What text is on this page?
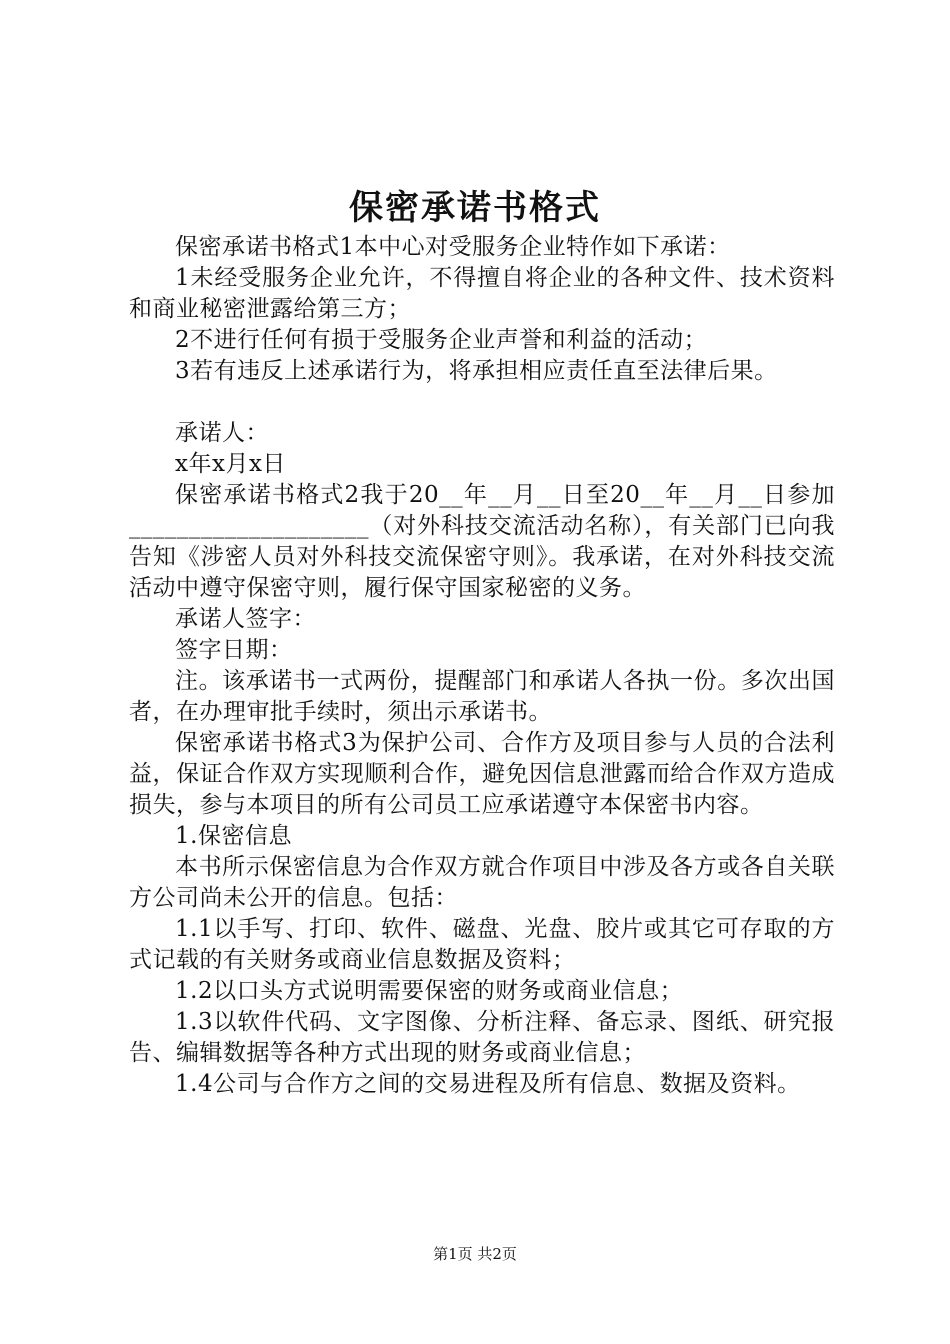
保密承诺书格式

保密承诺书格式1本中心对受服务企业特作如下承诺：

1未经受服务企业允许，不得擅自将企业的各种文件、技术资料和商业秘密泄露给第三方；

2不进行任何有损于受服务企业声誉和利益的活动；

3若有违反上述承诺行为，将承担相应责任直至法律后果。

承诺人：

x年x月x日

保密承诺书格式2我于20__年__月__日至20__年__月__日参加____________________（对外科技交流活动名称），有关部门已向我告知《涉密人员对外科技交流保密守则》。我承诺，在对外科技交流活动中遵守保密守则，履行保守国家秘密的义务。

承诺人签字：

签字日期：

注。该承诺书一式两份，提醒部门和承诺人各执一份。多次出国者，在办理审批手续时，须出示承诺书。

保密承诺书格式3为保护公司、合作方及项目参与人员的合法利益，保证合作双方实现顺利合作，避免因信息泄露而给合作双方造成损失，参与本项目的所有公司员工应承诺遵守本保密书内容。

1.保密信息

本书所示保密信息为合作双方就合作项目中涉及各方或各自关联方公司尚未公开的信息。包括：

1.1以手写、打印、软件、磁盘、光盘、胶片或其它可存取的方式记载的有关财务或商业信息数据及资料；

1.2以口头方式说明需要保密的财务或商业信息；

1.3以软件代码、文字图像、分析注释、备忘录、图纸、研究报告、编辑数据等各种方式出现的财务或商业信息；

1.4公司与合作方之间的交易进程及所有信息、数据及资料。

第1页 共2页
